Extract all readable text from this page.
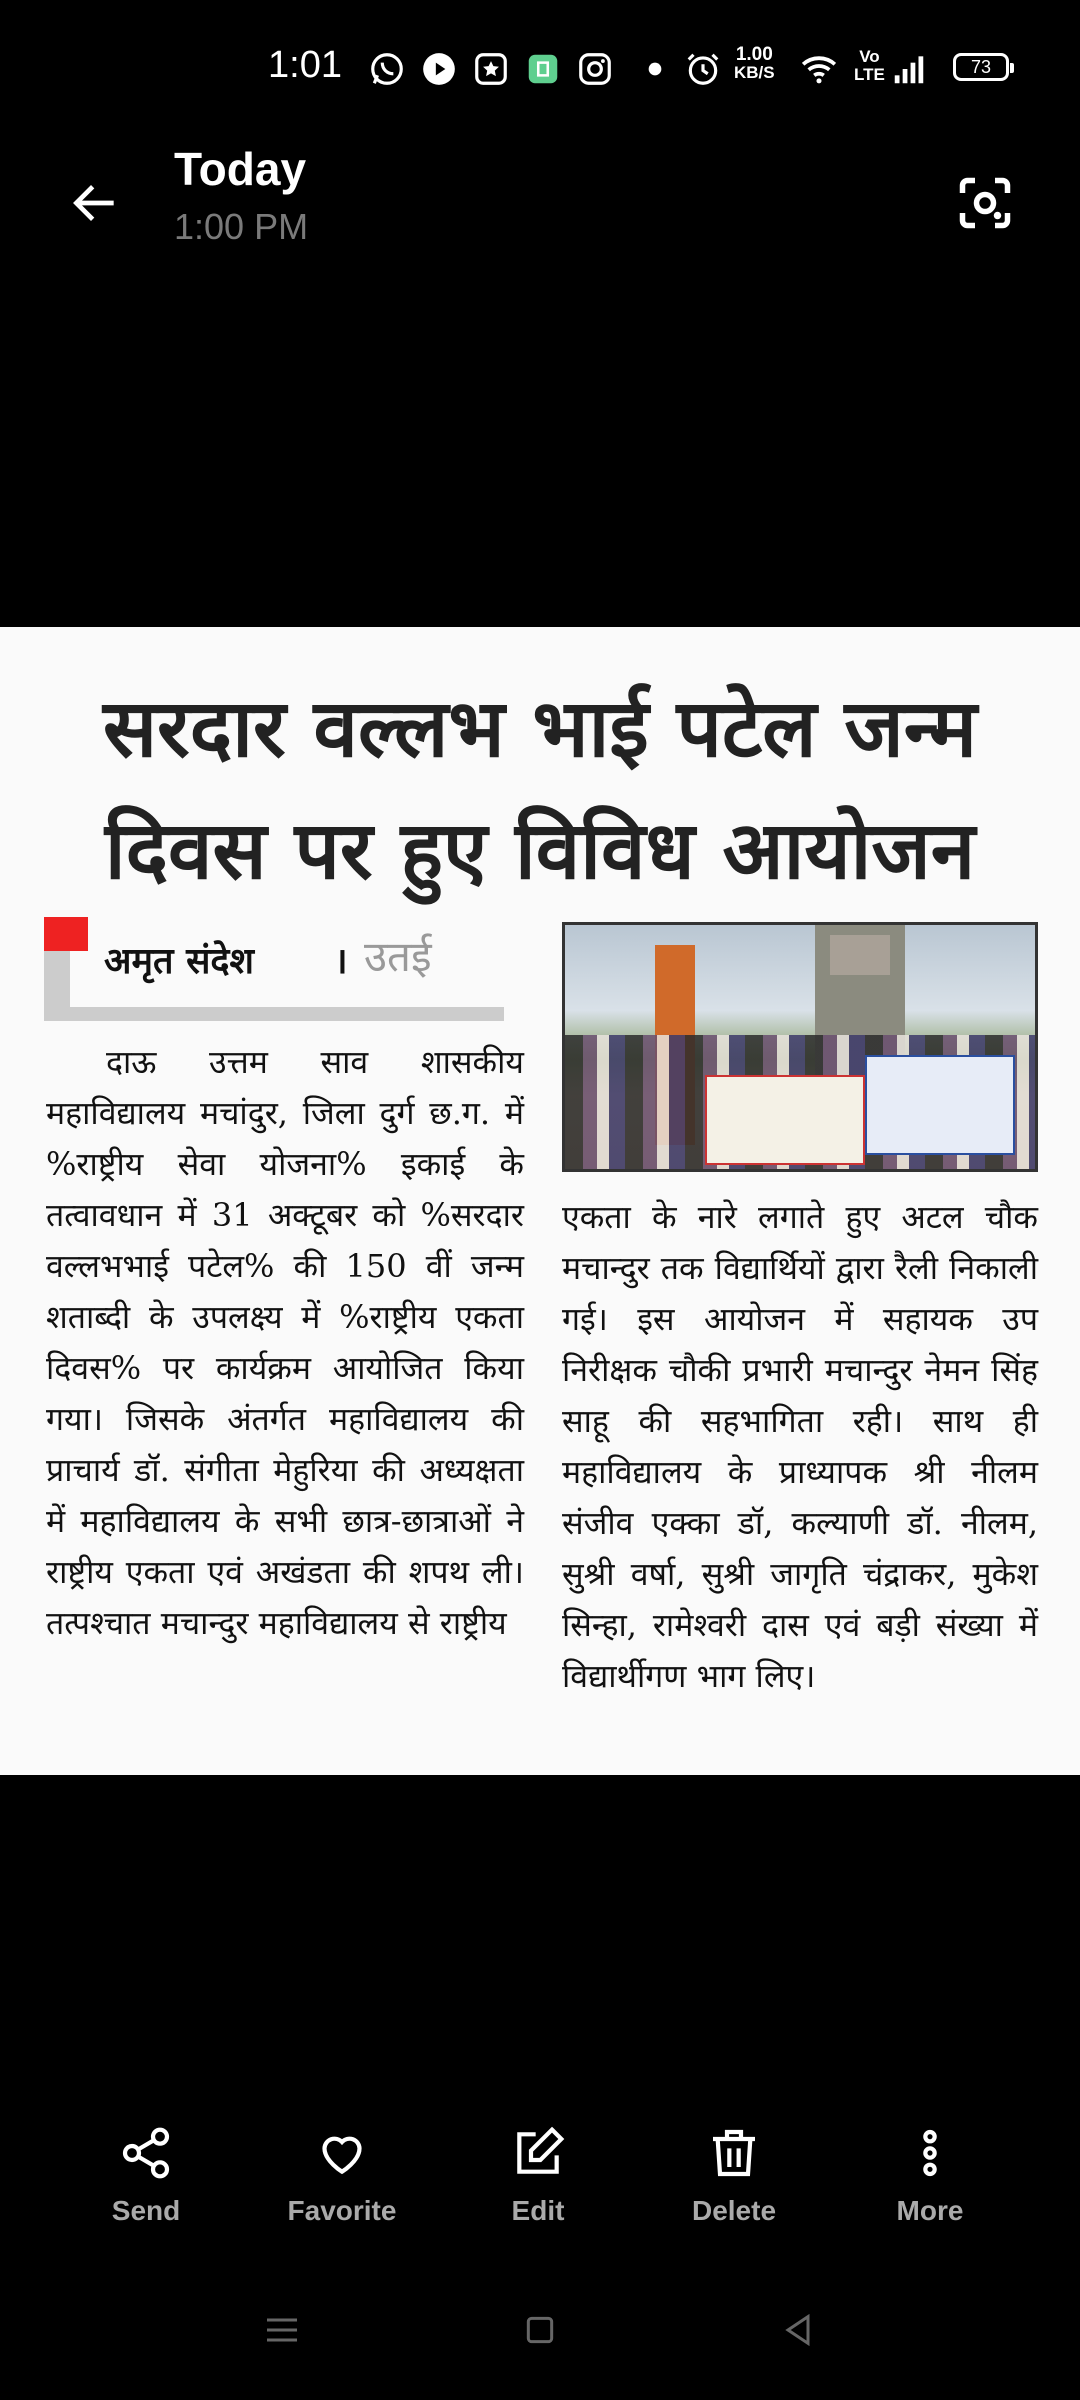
1:01	1.00
KB/S
Vo
LTE	73
Today
1:00 PM
सरदार वल्लभ भाई पटेल जन्म
दिवस पर हुए विविध आयोजन
अमृत संदेश । उतई

दाऊ उत्तम साव शासकीय महाविद्यालय मचांदुर, जिला दुर्ग छ.ग. में %राष्ट्रीय सेवा योजना% इकाई के तत्वावधान में 31 अक्टूबर को %सरदार वल्लभभाई पटेल% की 150 वीं जन्म शताब्दी के उपलक्ष्य में %राष्ट्रीय एकता दिवस% पर कार्यक्रम आयोजित किया गया। जिसके अंतर्गत महाविद्यालय की प्राचार्य डॉ. संगीता मेहुरिया की अध्यक्षता में महाविद्यालय के सभी छात्र-छात्राओं ने राष्ट्रीय एकता एवं अखंडता की शपथ ली। तत्पश्चात मचान्दुर महाविद्यालय से राष्ट्रीय

एकता के नारे लगाते हुए अटल चौक मचान्दुर तक विद्यार्थियों द्वारा रैली निकाली गई। इस आयोजन में सहायक उप निरीक्षक चौकी प्रभारी मचान्दुर नेमन सिंह साहू की सहभागिता रही। साथ ही महाविद्यालय के प्राध्यापक श्री नीलम संजीव एक्का डॉ, कल्याणी डॉ. नीलम, सुश्री वर्षा, सुश्री जागृति चंद्राकर, मुकेश सिन्हा, रामेश्वरी दास एवं बड़ी संख्या में विद्यार्थीगण भाग लिए।

Send	Favorite	Edit	Delete	More
